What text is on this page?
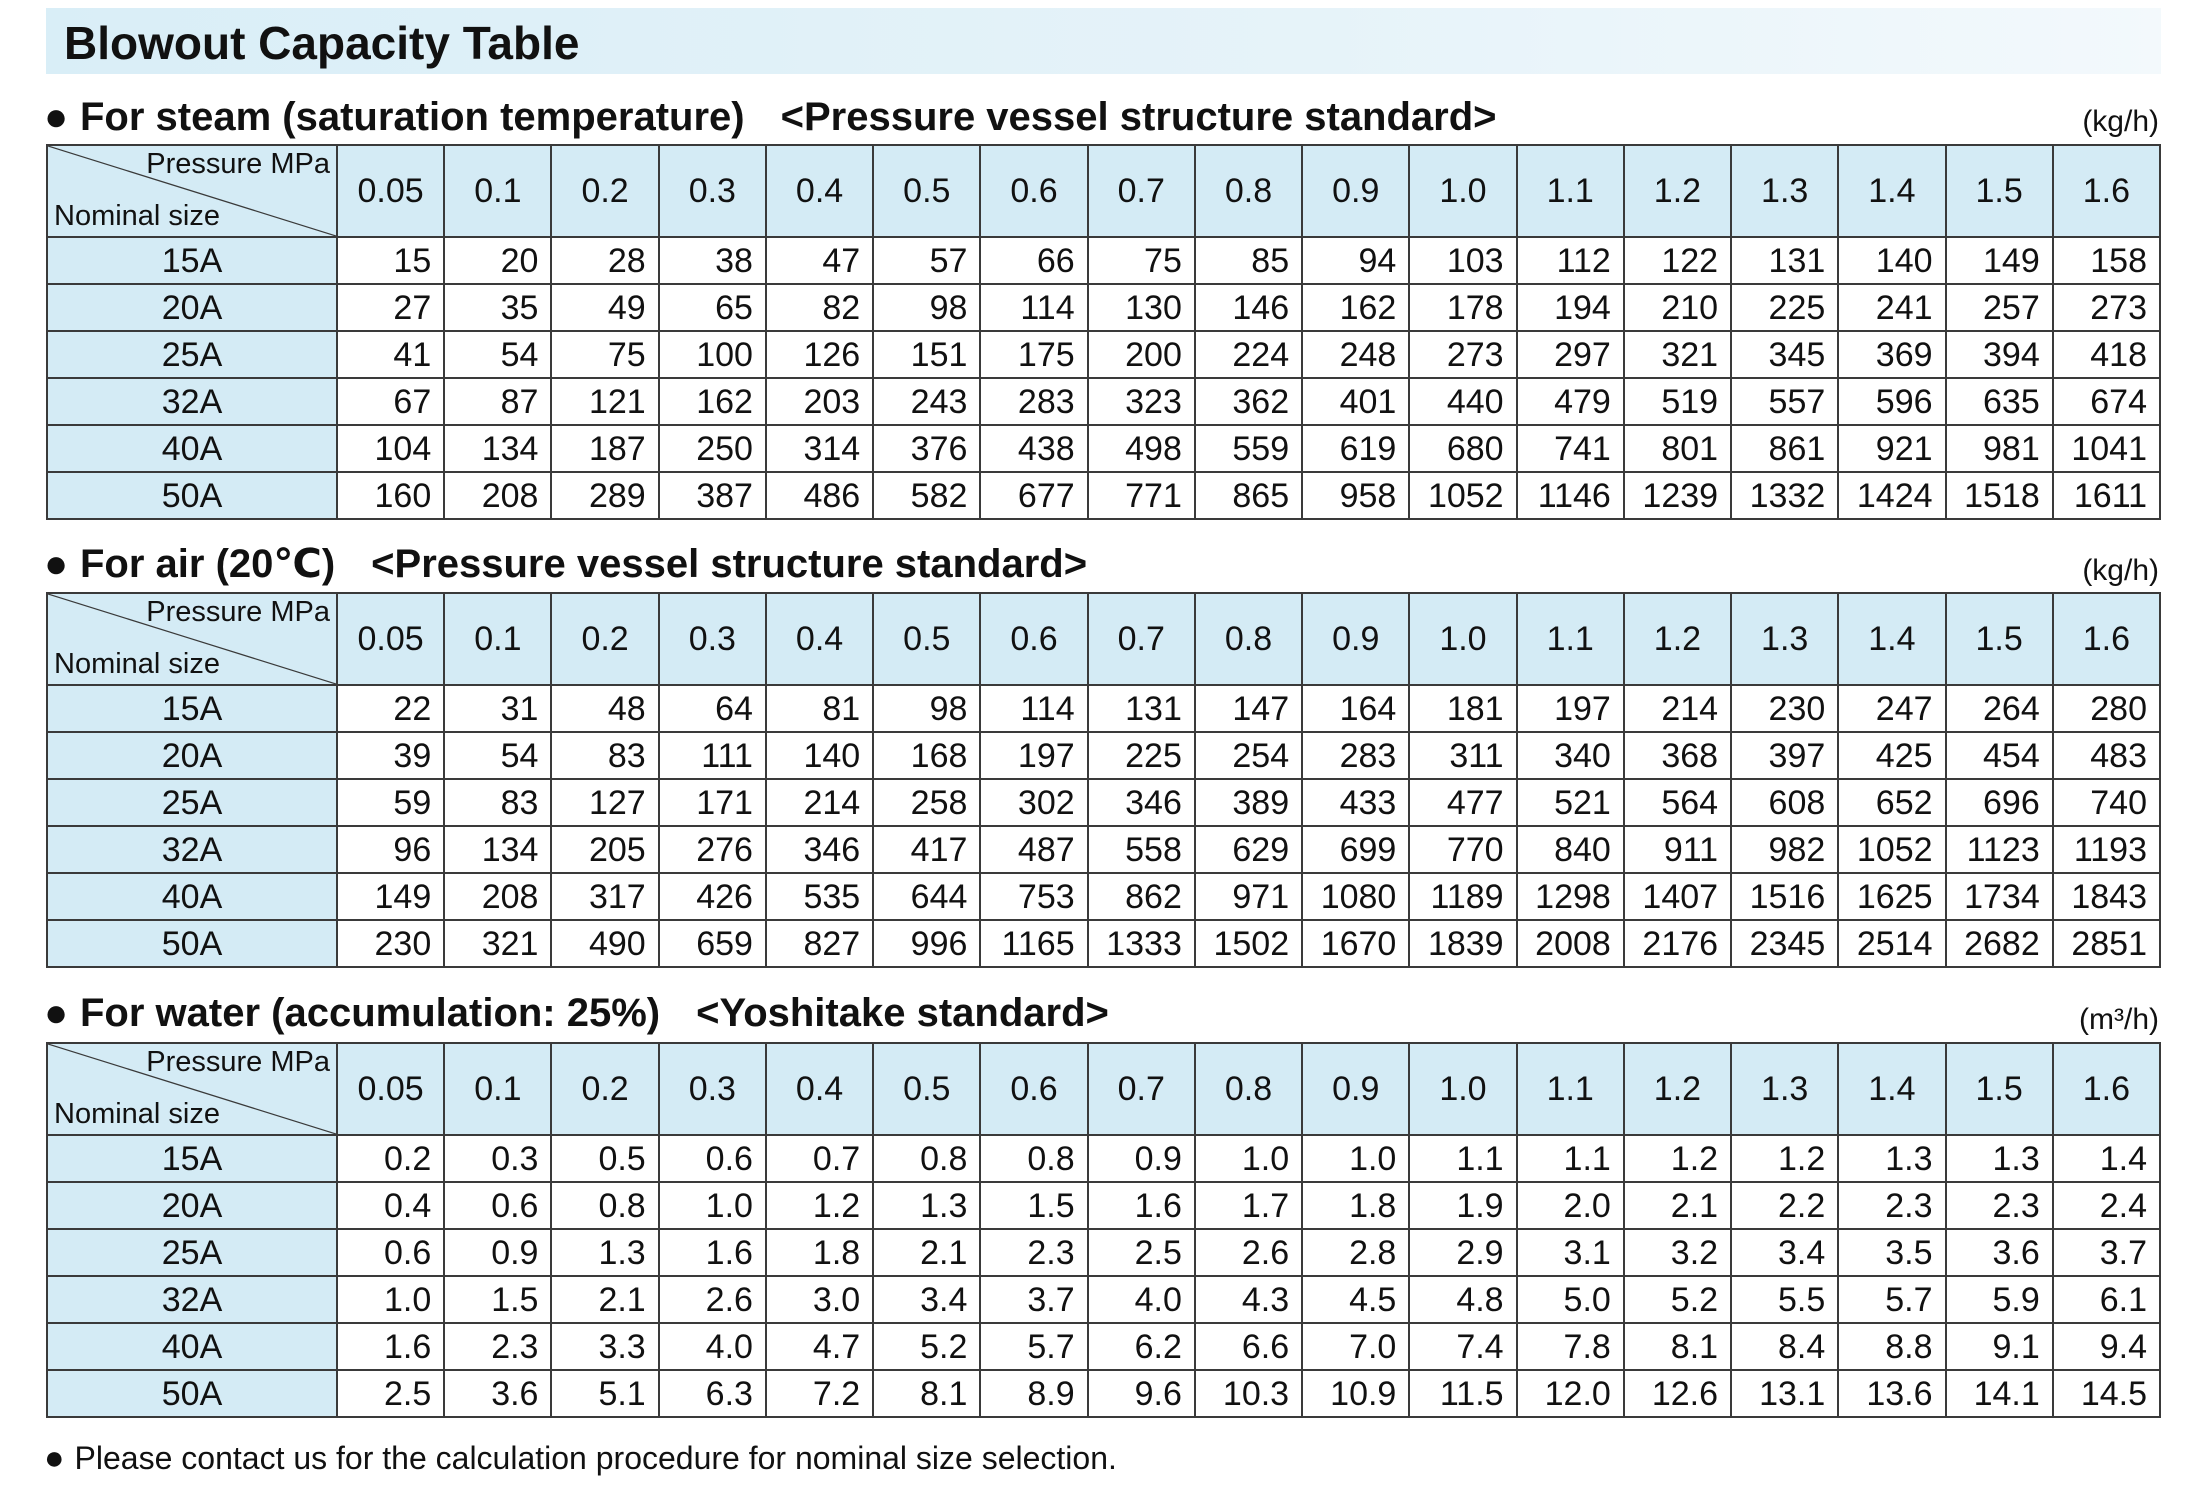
Blowout Capacity Table
● For steam (saturation temperature) <Pressure vessel structure standard>	(kg/h)
Pressure MPa
Nominal size	0.05	0.1	0.2	0.3	0.4	0.5	0.6	0.7	0.8	0.9	1.0	1.1	1.2	1.3	1.4	1.5	1.6
15A	15	20	28	38	47	57	66	75	85	94	103	112	122	131	140	149	158
20A	27	35	49	65	82	98	114	130	146	162	178	194	210	225	241	257	273
25A	41	54	75	100	126	151	175	200	224	248	273	297	321	345	369	394	418
32A	67	87	121	162	203	243	283	323	362	401	440	479	519	557	596	635	674
40A	104	134	187	250	314	376	438	498	559	619	680	741	801	861	921	981	1041
50A	160	208	289	387	486	582	677	771	865	958	1052	1146	1239	1332	1424	1518	1611
● For air (20℃) <Pressure vessel structure standard>	(kg/h)
Pressure MPa
Nominal size	0.05	0.1	0.2	0.3	0.4	0.5	0.6	0.7	0.8	0.9	1.0	1.1	1.2	1.3	1.4	1.5	1.6
15A	22	31	48	64	81	98	114	131	147	164	181	197	214	230	247	264	280
20A	39	54	83	111	140	168	197	225	254	283	311	340	368	397	425	454	483
25A	59	83	127	171	214	258	302	346	389	433	477	521	564	608	652	696	740
32A	96	134	205	276	346	417	487	558	629	699	770	840	911	982	1052	1123	1193
40A	149	208	317	426	535	644	753	862	971	1080	1189	1298	1407	1516	1625	1734	1843
50A	230	321	490	659	827	996	1165	1333	1502	1670	1839	2008	2176	2345	2514	2682	2851
● For water (accumulation: 25%) <Yoshitake standard>	(m³/h)
Pressure MPa
Nominal size	0.05	0.1	0.2	0.3	0.4	0.5	0.6	0.7	0.8	0.9	1.0	1.1	1.2	1.3	1.4	1.5	1.6
15A	0.2	0.3	0.5	0.6	0.7	0.8	0.8	0.9	1.0	1.0	1.1	1.1	1.2	1.2	1.3	1.3	1.4
20A	0.4	0.6	0.8	1.0	1.2	1.3	1.5	1.6	1.7	1.8	1.9	2.0	2.1	2.2	2.3	2.3	2.4
25A	0.6	0.9	1.3	1.6	1.8	2.1	2.3	2.5	2.6	2.8	2.9	3.1	3.2	3.4	3.5	3.6	3.7
32A	1.0	1.5	2.1	2.6	3.0	3.4	3.7	4.0	4.3	4.5	4.8	5.0	5.2	5.5	5.7	5.9	6.1
40A	1.6	2.3	3.3	4.0	4.7	5.2	5.7	6.2	6.6	7.0	7.4	7.8	8.1	8.4	8.8	9.1	9.4
50A	2.5	3.6	5.1	6.3	7.2	8.1	8.9	9.6	10.3	10.9	11.5	12.0	12.6	13.1	13.6	14.1	14.5
● Please contact us for the calculation procedure for nominal size selection.
